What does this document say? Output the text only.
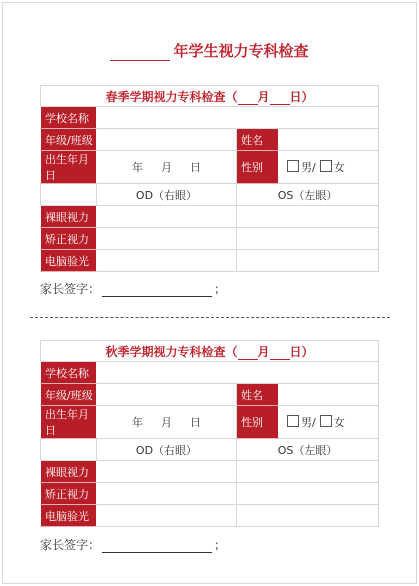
年学生视力专科检查
春季学期视力专科检查（ 月 日）			
学校名称			
年级/班级		姓名	
出生年月日	年 月 日	性别	男/ 女
	OD（右眼）	OS（左眼）	
裸眼视力			
矫正视力			
电脑验光			
家长签字：	；
秋季学期视力专科检查（ 月 日）			
学校名称			
年级/班级		姓名	
出生年月日	年 月 日	性别	男/ 女
	OD（右眼）	OS（左眼）	
裸眼视力			
矫正视力			
电脑验光			
家长签字：	；
